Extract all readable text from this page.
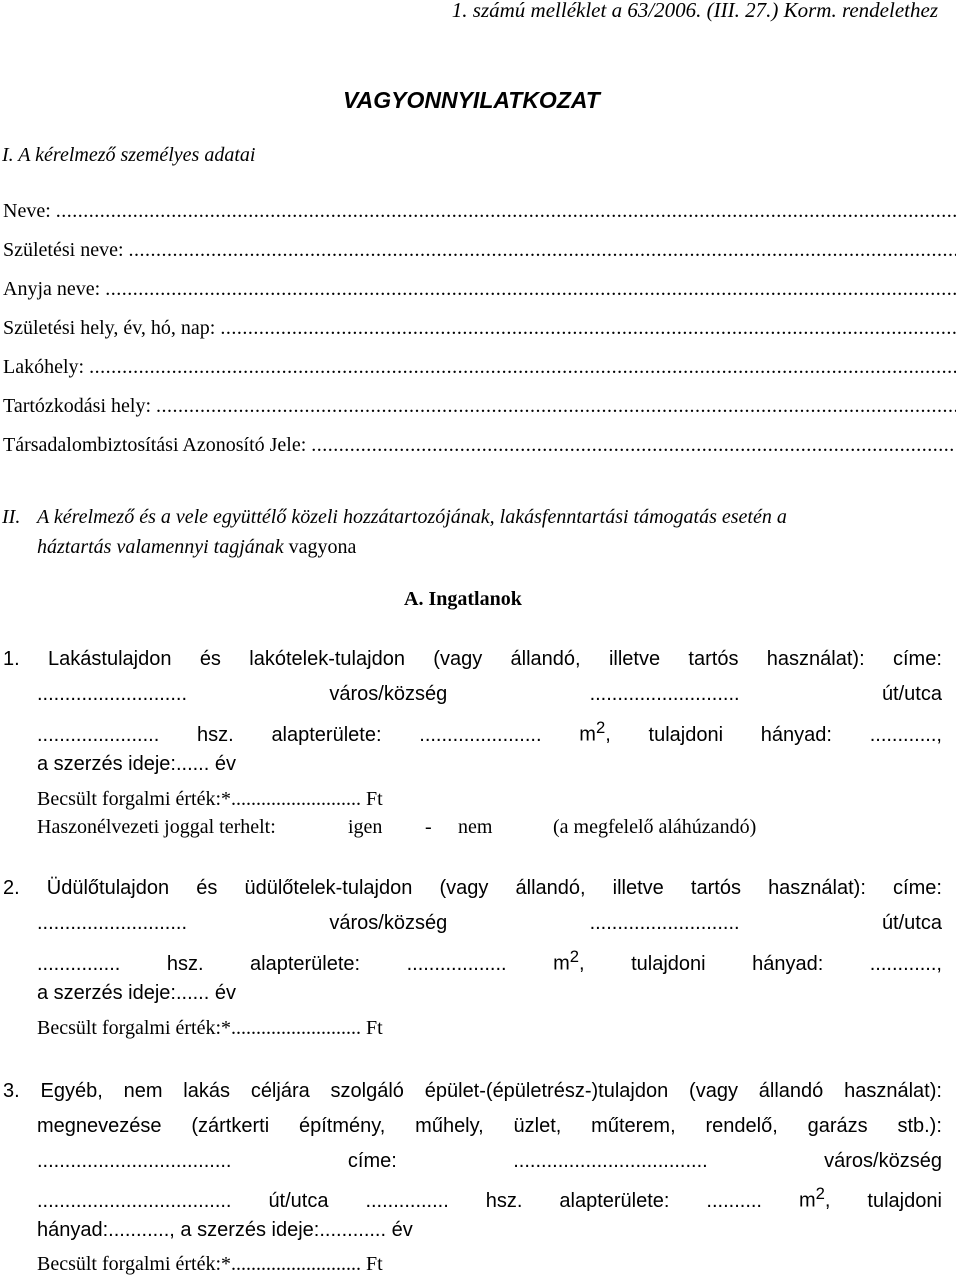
1. számú melléklet a 63/2006. (III. 27.) Korm. rendelethez
VAGYONNYILATKOZAT
I. A kérelmező személyes adatai
Neve:
.....
Születési neve:
.....
Anyja neve:
.....
Születési hely, év, hó, nap:
.....
Lakóhely:
.....
Tartózkodási hely:
.....
Társadalombiztosítási Azonosító Jele:
.....
II. A kérelmező és a vele együttélő közeli hozzátartozójának, lakásfenntartási támogatás esetén a
háztartás valamennyi tagjának vagyona
A. Ingatlanok
1. Lakástulajdon és lakótelek-tulajdon (vagy állandó, illetve tartós használat): címe:
...........................	város/község	...........................	út/utca
...................... hsz. alapterülete: ...................... $m^2$, tulajdoni hányad: ............,
a szerzés ideje:...... év
Becsült forgalmi érték:*.......................... Ft
Haszonélvezeti joggal terhelt:	igen - nem	(a megfelelő aláhúzandó)
2. Üdülőtulajdon és üdülőtelek-tulajdon (vagy állandó, illetve tartós használat): címe:
...........................	város/község	...........................	út/utca
............... hsz. alapterülete: .................. $m^2$, tulajdoni hányad: ............,
a szerzés ideje:...... év
Becsült forgalmi érték:*.......................... Ft
3. Egyéb, nem lakás céljára szolgáló épület-(épületrész-)tulajdon (vagy állandó használat):
megnevezése (zártkerti építmény, műhely, üzlet, műterem, rendelő, garázs stb.):
...................................	címe:	...................................	város/község
................................... út/utca ............... hsz. alapterülete: .......... $m^2$, tulajdoni
hányad:..........., a szerzés ideje:............ év
Becsült forgalmi érték:*.......................... Ft
